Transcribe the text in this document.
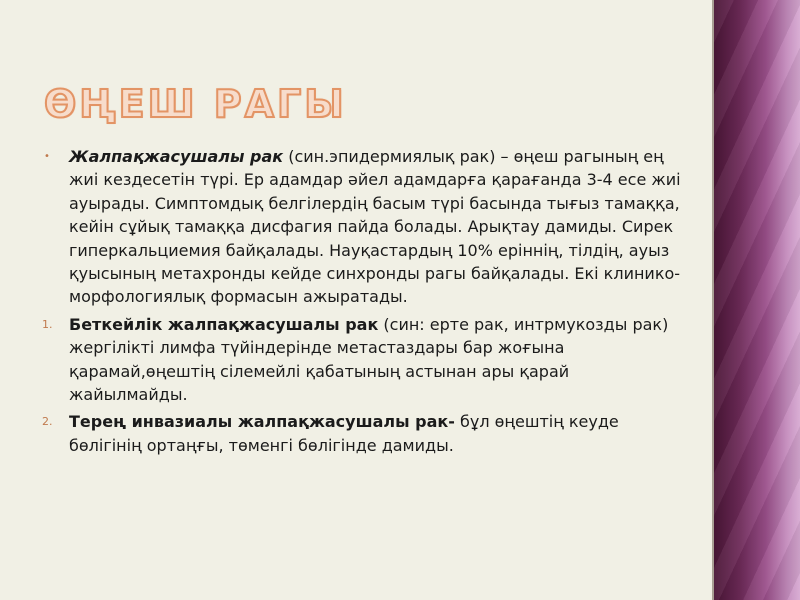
ӨҢЕШ РАГЫ
• Жалпақжасушалы рак (син.эпидермиялық рак) – өңеш рагының ең жиі кездесетін түрі. Ер адамдар әйел адамдарға қарағанда 3-4 есе жиі ауырады. Симптомдық белгілердің басым түрі басында тығыз тамаққа, кейін сұйық тамаққа дисфагия пайда болады. Арықтау дамиды. Сирек гиперкальциемия байқалады. Науқастардың 10% еріннің, тілдің, ауыз қуысының метахронды кейде синхронды рагы байқалады. Екі клинико-морфологиялық формасын ажыратады.
1. Беткейлік жалпақжасушалы рак (син: ерте рак, интрмукозды рак) жергілікті лимфа түйіндерінде метастаздары бар жоғына қарамай,өңештің сілемейлі қабатының астынан ары қарай жайылмайды.
2. Терең инвазиалы жалпақжасушалы рак- бұл өңештің кеуде бөлігінің ортаңғы, төменгі бөлігінде дамиды.
